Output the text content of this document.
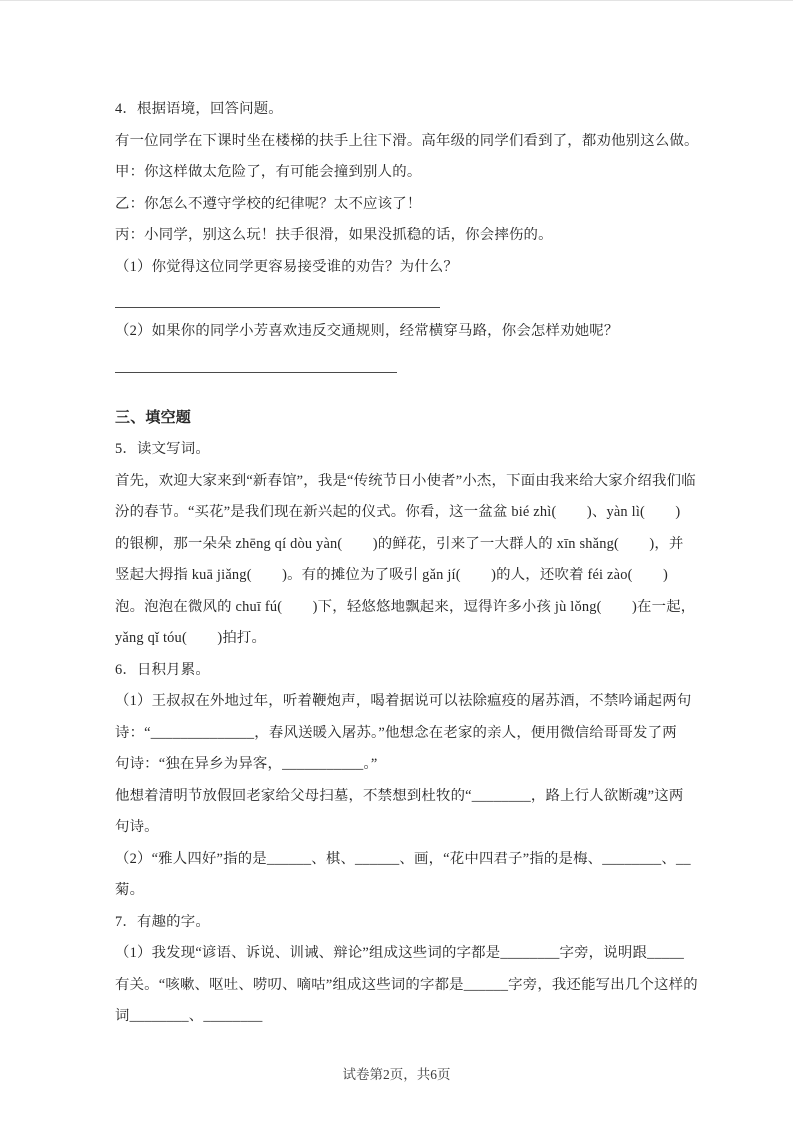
4．根据语境，回答问题。

有一位同学在下课时坐在楼梯的扶手上往下滑。高年级的同学们看到了，都劝他别这么做。

甲：你这样做太危险了，有可能会撞到别人的。

乙：你怎么不遵守学校的纪律呢？太不应该了！

丙：小同学，别这么玩！扶手很滑，如果没抓稳的话，你会摔伤的。

（1）你觉得这位同学更容易接受谁的劝告？为什么？

（2）如果你的同学小芳喜欢违反交通规则，经常横穿马路，你会怎样劝她呢？

三、填空题

5．读文写词。

首先，欢迎大家来到“新春馆”，我是“传统节日小使者”小杰，下面由我来给大家介绍我们临

汾的春节。“买花”是我们现在新兴起的仪式。你看，这一盆盆 bié zhì(        )、yàn lì(        )

的银柳，那一朵朵 zhēng qí dòu yàn(        )的鲜花，引来了一大群人的 xīn shǎng(        )，并

竖起大拇指 kuā jiǎng(        )。有的摊位为了吸引 gǎn jí(        )的人，还吹着 féi zào(        )

泡。泡泡在微风的 chuī fú(        )下，轻悠悠地飘起来，逗得许多小孩 jù lǒng(        )在一起，

yǎng qǐ tóu(        )拍打。

6．日积月累。

（1）王叔叔在外地过年，听着鞭炮声，喝着据说可以祛除瘟疫的屠苏酒，不禁吟诵起两句

诗：“______________，春风送暖入屠苏。”他想念在老家的亲人，便用微信给哥哥发了两

句诗：“独在异乡为异客，___________。”

他想着清明节放假回老家给父母扫墓，不禁想到杜牧的“________，路上行人欲断魂”这两

句诗。

（2）“雅人四好”指的是______、棋、______、画，“花中四君子”指的是梅、________、__

菊。

7．有趣的字。

（1）我发现“谚语、诉说、训诫、辩论”组成这些词的字都是________字旁，说明跟_____

有关。“咳嗽、呕吐、唠叨、嘀咕”组成这些词的字都是______字旁，我还能写出几个这样的

词________、________

试卷第2页，共6页
